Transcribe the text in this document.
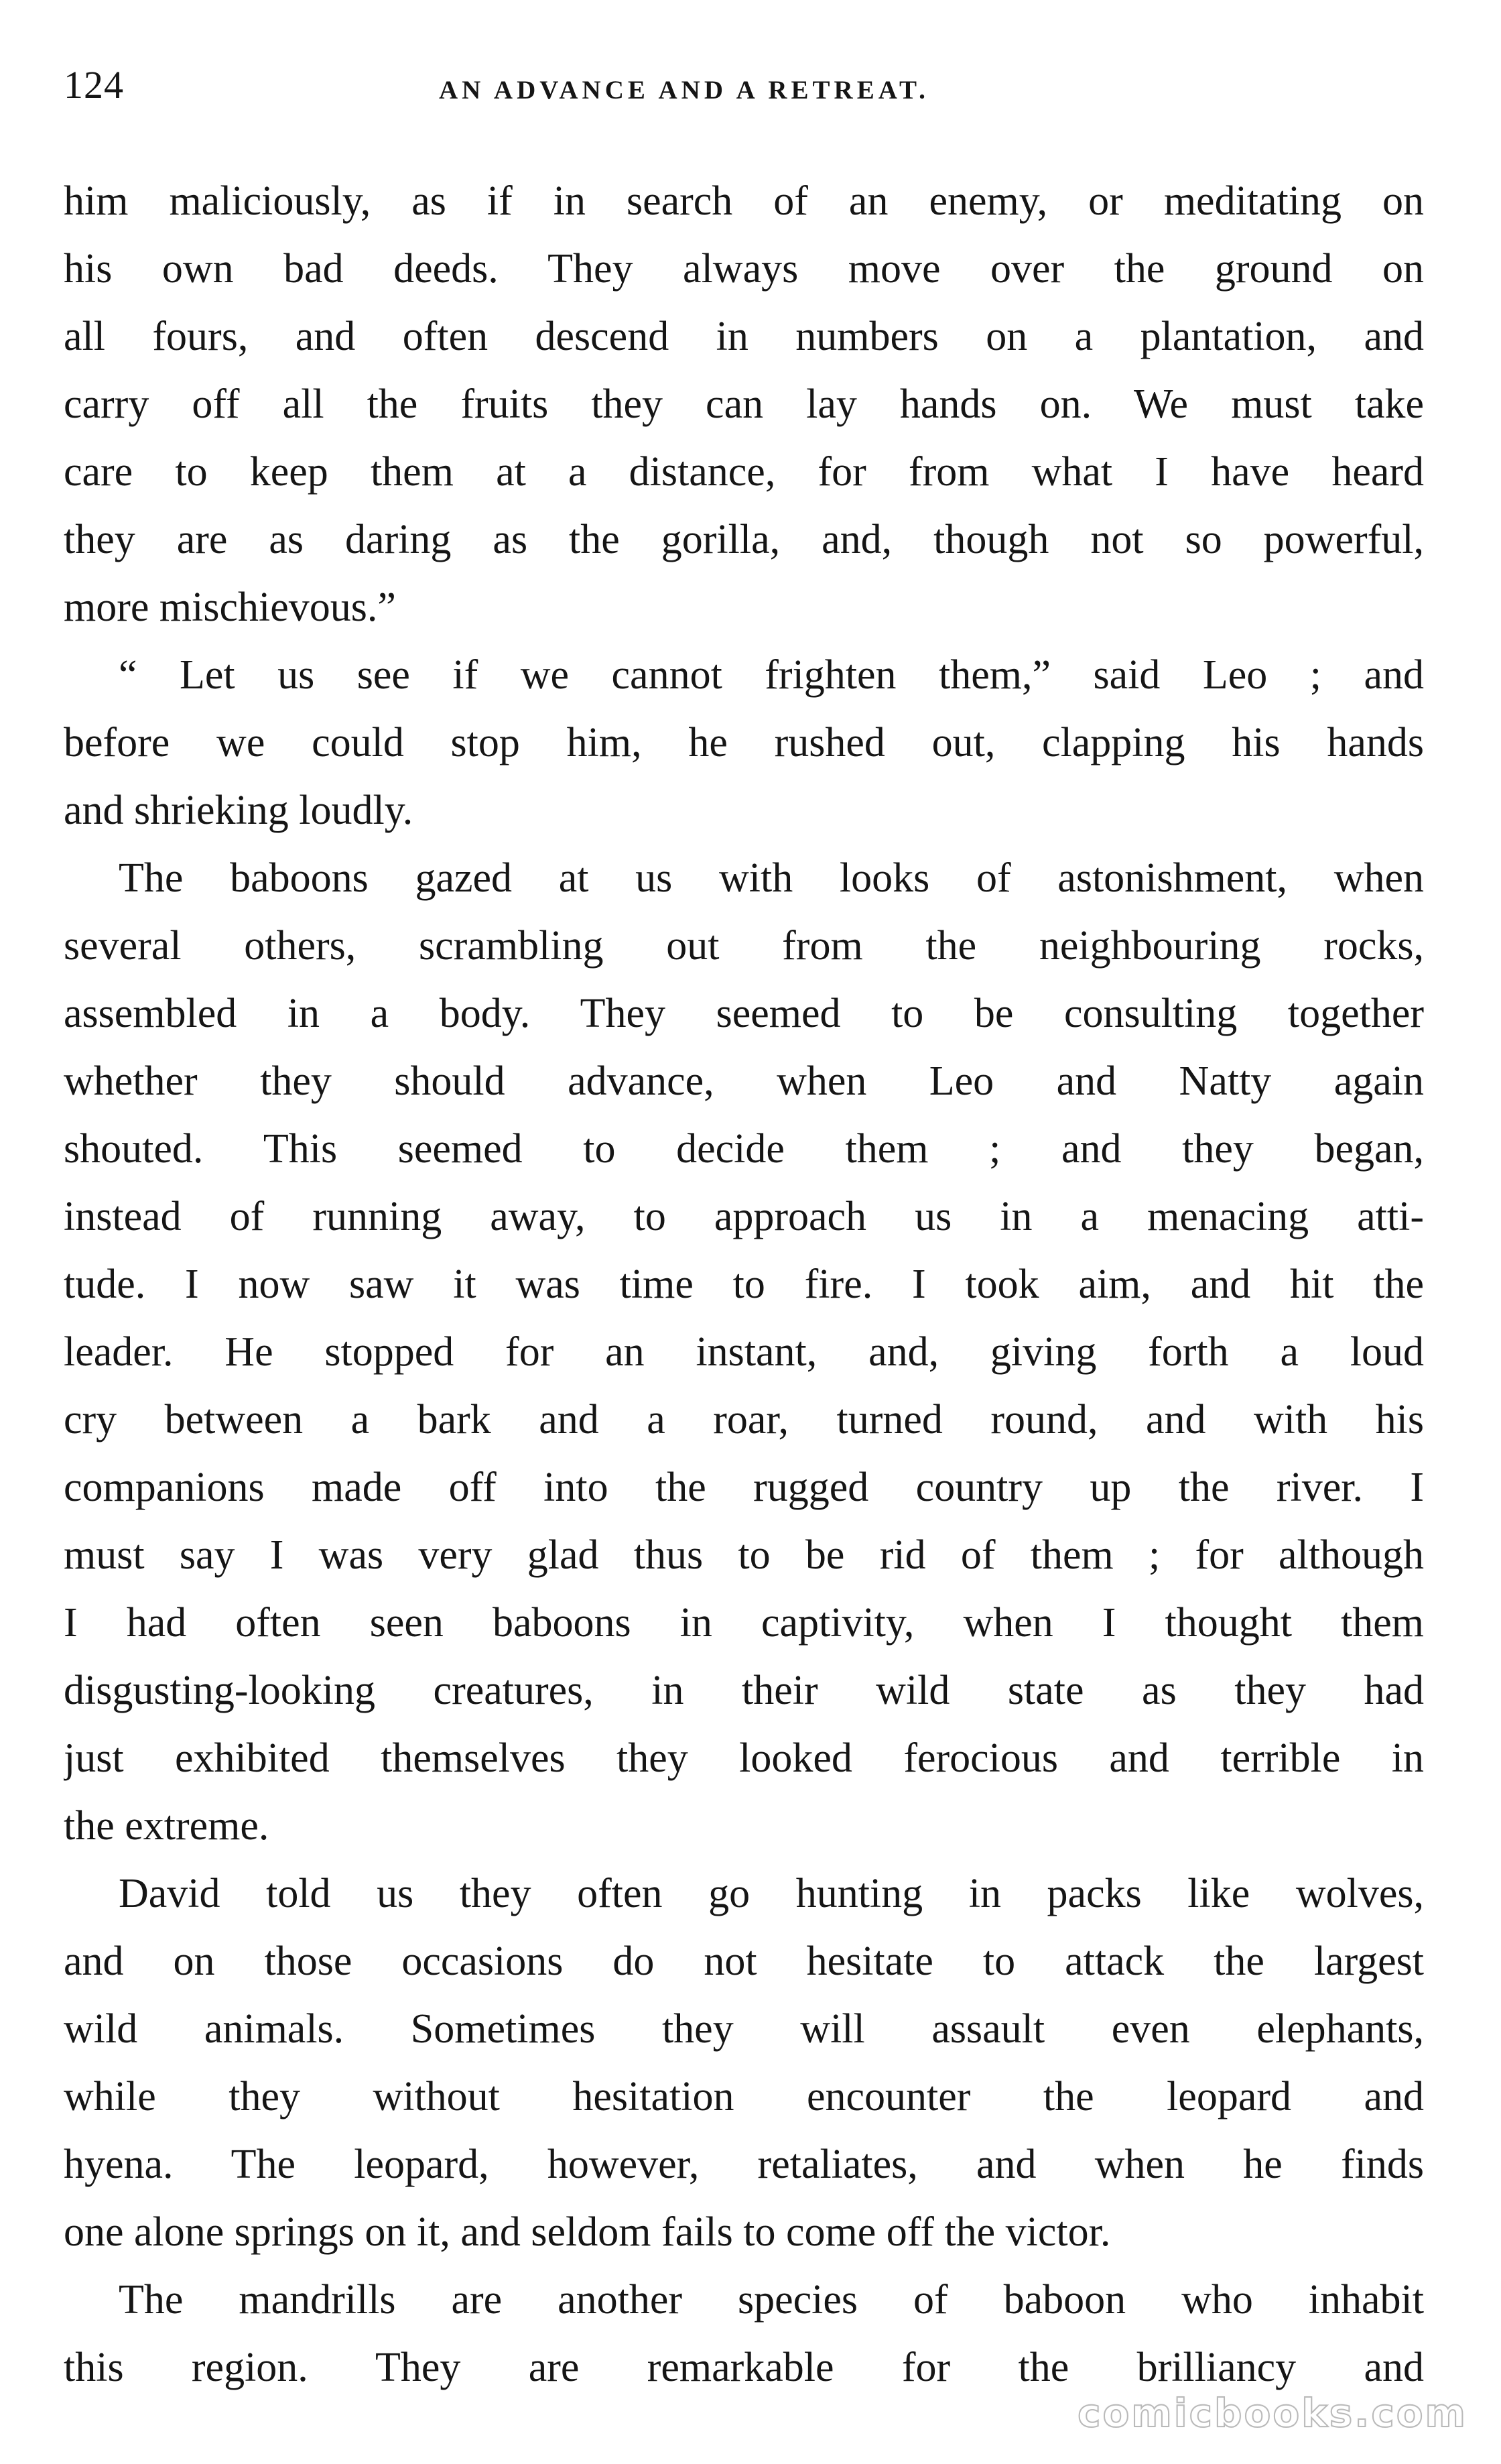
124	AN ADVANCE AND A RETREAT.
him maliciously, as if in search of an enemy, or meditating on
his own bad deeds. They always move over the ground on
all fours, and often descend in numbers on a plantation, and
carry off all the fruits they can lay hands on. We must take
care to keep them at a distance, for from what I have heard
they are as daring as the gorilla, and, though not so powerful,
more mischievous.”
“ Let us see if we cannot frighten them,” said Leo ; and
before we could stop him, he rushed out, clapping his hands
and shrieking loudly.
The baboons gazed at us with looks of astonishment, when
several others, scrambling out from the neighbouring rocks,
assembled in a body. They seemed to be consulting together
whether they should advance, when Leo and Natty again
shouted. This seemed to decide them ; and they began,
instead of running away, to approach us in a menacing atti-
tude. I now saw it was time to fire. I took aim, and hit the
leader. He stopped for an instant, and, giving forth a loud
cry between a bark and a roar, turned round, and with his
companions made off into the rugged country up the river. I
must say I was very glad thus to be rid of them ; for although
I had often seen baboons in captivity, when I thought them
disgusting-looking creatures, in their wild state as they had
just exhibited themselves they looked ferocious and terrible in
the extreme.
David told us they often go hunting in packs like wolves,
and on those occasions do not hesitate to attack the largest
wild animals. Sometimes they will assault even elephants,
while they without hesitation encounter the leopard and
hyena. The leopard, however, retaliates, and when he finds
one alone springs on it, and seldom fails to come off the victor.
The mandrills are another species of baboon who inhabit
this region. They are remarkable for the brilliancy and
comicbooks.com
